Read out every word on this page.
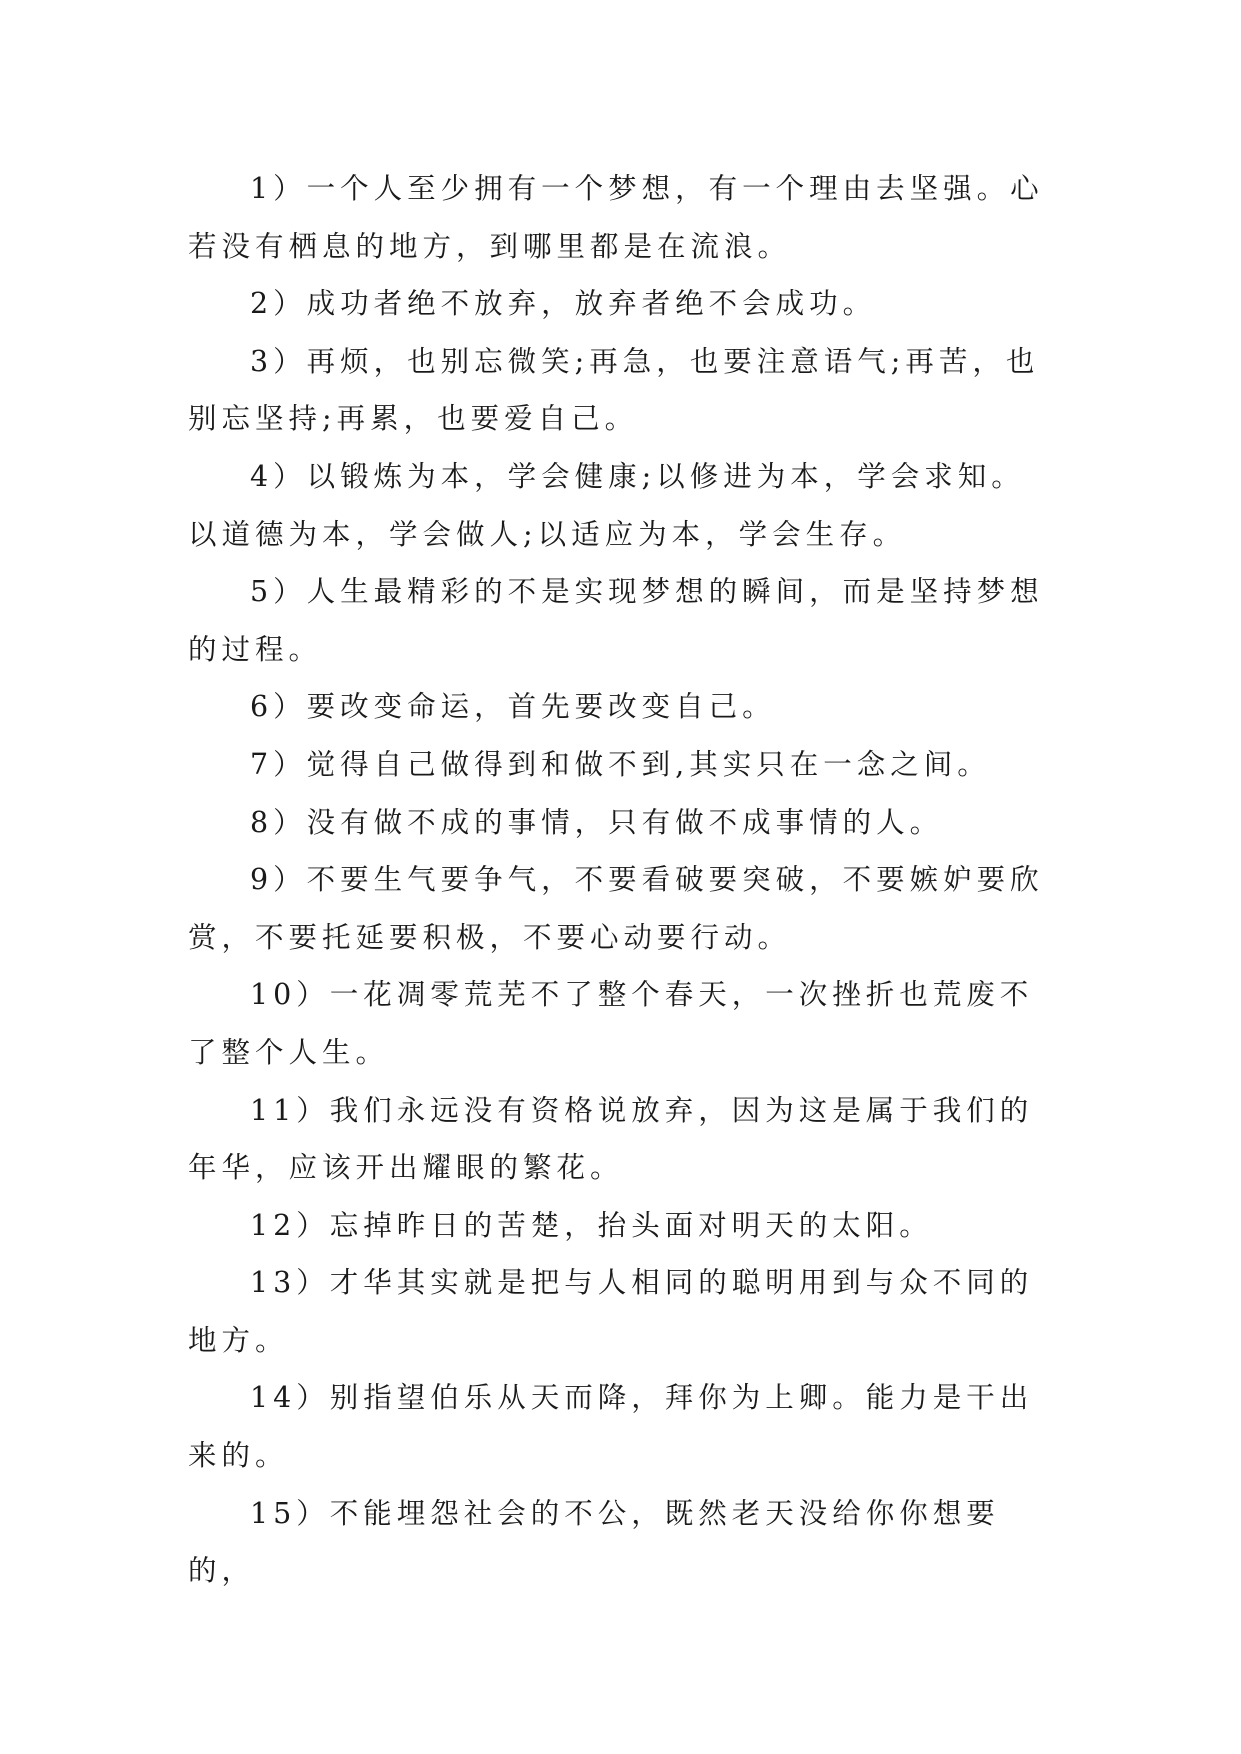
1）一个人至少拥有一个梦想，有一个理由去坚强。心若没有栖息的地方，到哪里都是在流浪。

2）成功者绝不放弃，放弃者绝不会成功。

3）再烦，也别忘微笑;再急，也要注意语气;再苦，也别忘坚持;再累，也要爱自己。

4）以锻炼为本，学会健康;以修进为本，学会求知。以道德为本，学会做人;以适应为本，学会生存。

5）人生最精彩的不是实现梦想的瞬间，而是坚持梦想的过程。

6）要改变命运，首先要改变自己。

7）觉得自己做得到和做不到,其实只在一念之间。

8）没有做不成的事情，只有做不成事情的人。

9）不要生气要争气，不要看破要突破，不要嫉妒要欣赏，不要托延要积极，不要心动要行动。

10）一花凋零荒芜不了整个春天，一次挫折也荒废不了整个人生。

11）我们永远没有资格说放弃，因为这是属于我们的年华，应该开出耀眼的繁花。

12）忘掉昨日的苦楚，抬头面对明天的太阳。

13）才华其实就是把与人相同的聪明用到与众不同的地方。

14）别指望伯乐从天而降，拜你为上卿。能力是干出来的。

15）不能埋怨社会的不公，既然老天没给你你想要的，
